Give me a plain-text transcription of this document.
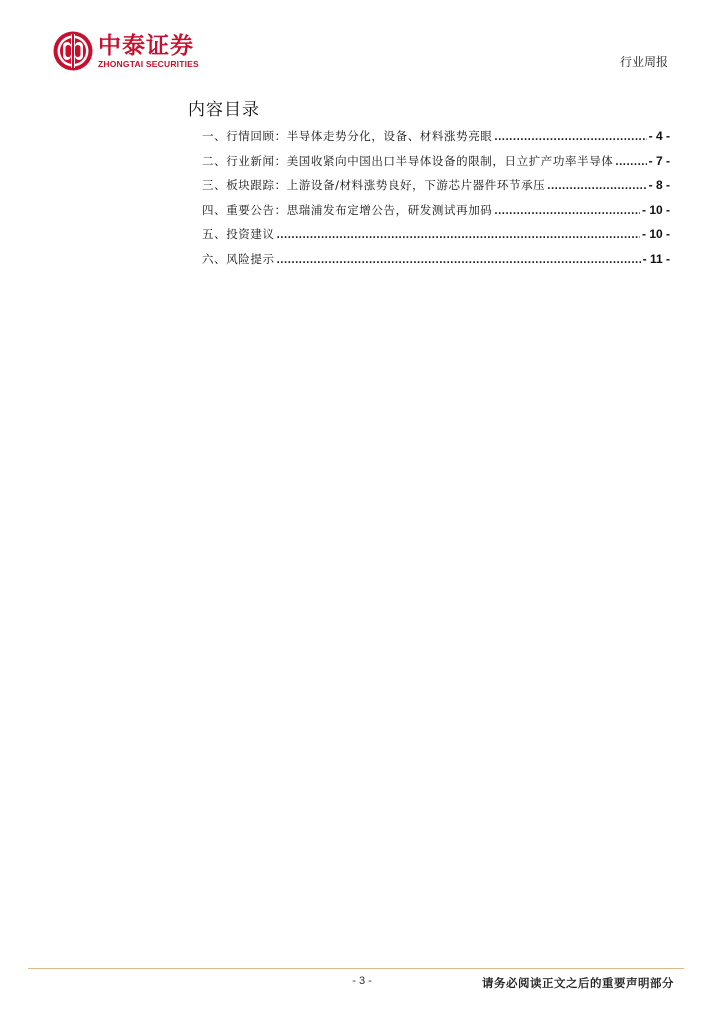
中泰证券
ZHONGTAI SECURITIES	行业周报
内容目录
一、行情回顾：半导体走势分化，设备、材料涨势亮眼 .....	- 4 -
二、行业新闻：美国收紧向中国出口半导体设备的限制，日立扩产功率半导体 .....	- 7 -
三、板块跟踪：上游设备/材料涨势良好，下游芯片器件环节承压 .....	- 8 -
四、重要公告：思瑞浦发布定增公告，研发测试再加码 .....	- 10 -
五、投资建议 .....	- 10 -
六、风险提示 .....	- 11 -
- 3 -	请务必阅读正文之后的重要声明部分
